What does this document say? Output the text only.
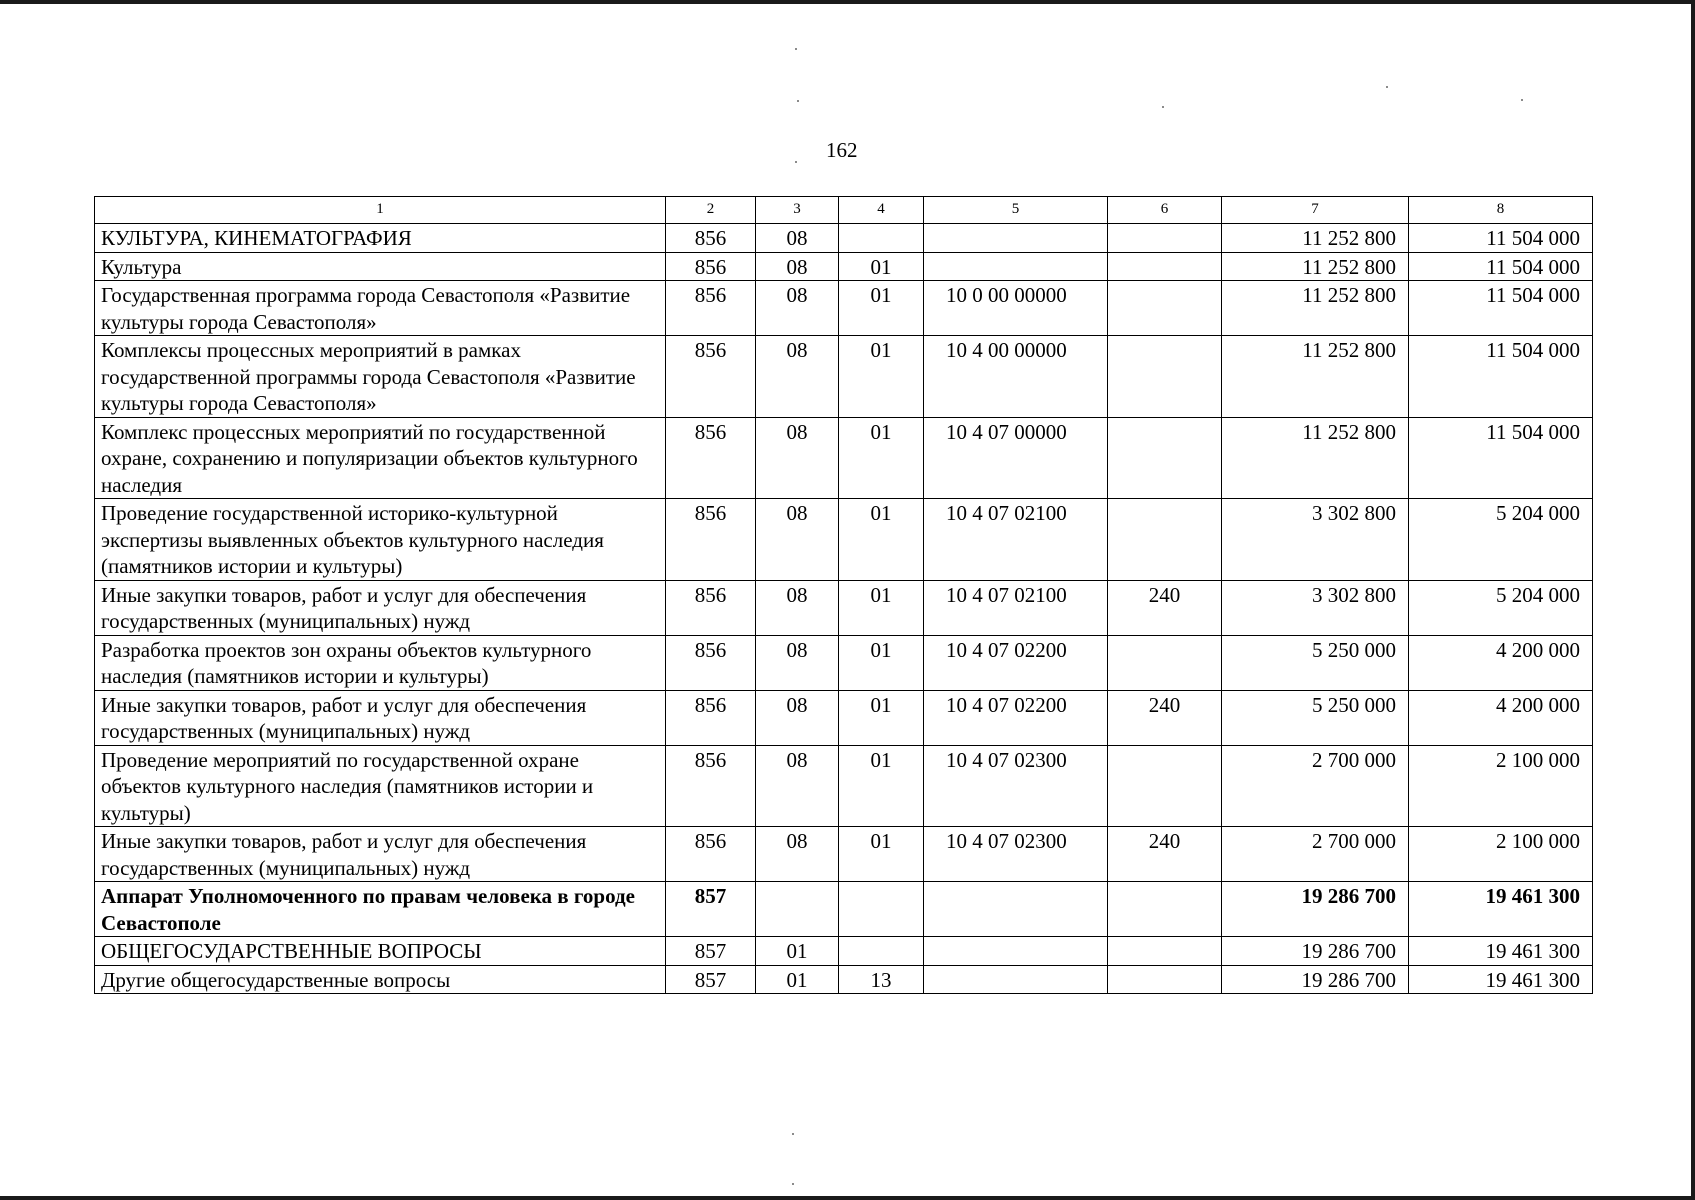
162
1	2	3	4	5	6	7	8
КУЛЬТУРА, КИНЕМАТОГРАФИЯ	856	08				11 252 800	11 504 000
Культура	856	08	01			11 252 800	11 504 000
Государственная программа города Севастополя «Развитие культуры города Севастополя»	856	08	01	10 0 00 00000		11 252 800	11 504 000
Комплексы процессных мероприятий в рамках государственной программы города Севастополя «Развитие культуры города Севастополя»	856	08	01	10 4 00 00000		11 252 800	11 504 000
Комплекс процессных мероприятий по государственной охране, сохранению и популяризации объектов культурного наследия	856	08	01	10 4 07 00000		11 252 800	11 504 000
Проведение государственной историко-культурной экспертизы выявленных объектов культурного наследия (памятников истории и культуры)	856	08	01	10 4 07 02100		3 302 800	5 204 000
Иные закупки товаров, работ и услуг для обеспечения государственных (муниципальных) нужд	856	08	01	10 4 07 02100	240	3 302 800	5 204 000
Разработка проектов зон охраны объектов культурного наследия (памятников истории и культуры)	856	08	01	10 4 07 02200		5 250 000	4 200 000
Иные закупки товаров, работ и услуг для обеспечения государственных (муниципальных) нужд	856	08	01	10 4 07 02200	240	5 250 000	4 200 000
Проведение мероприятий по государственной охране объектов культурного наследия (памятников истории и культуры)	856	08	01	10 4 07 02300		2 700 000	2 100 000
Иные закупки товаров, работ и услуг для обеспечения государственных (муниципальных) нужд	856	08	01	10 4 07 02300	240	2 700 000	2 100 000
Аппарат Уполномоченного по правам человека в городе Севастополе	857					19 286 700	19 461 300
ОБЩЕГОСУДАРСТВЕННЫЕ ВОПРОСЫ	857	01				19 286 700	19 461 300
Другие общегосударственные вопросы	857	01	13			19 286 700	19 461 300
